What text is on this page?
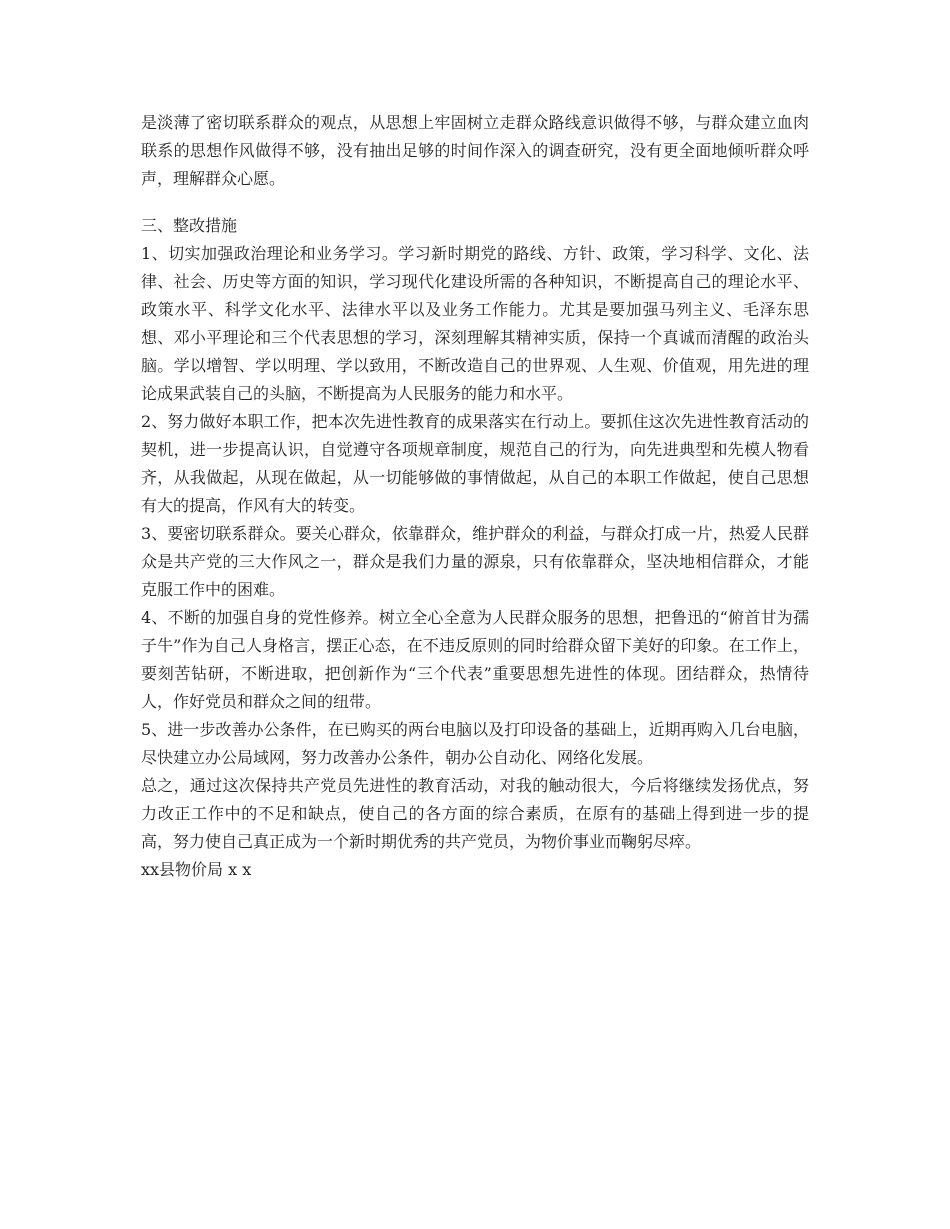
是淡薄了密切联系群众的观点，从思想上牢固树立走群众路线意识做得不够，与群众建立血肉联系的思想作风做得不够，没有抽出足够的时间作深入的调查研究，没有更全面地倾听群众呼声，理解群众心愿。

三、整改措施

1、切实加强政治理论和业务学习。学习新时期党的路线、方针、政策，学习科学、文化、法律、社会、历史等方面的知识，学习现代化建设所需的各种知识，不断提高自己的理论水平、政策水平、科学文化水平、法律水平以及业务工作能力。尤其是要加强马列主义、毛泽东思想、邓小平理论和三个代表思想的学习，深刻理解其精神实质，保持一个真诚而清醒的政治头脑。学以增智、学以明理、学以致用，不断改造自己的世界观、人生观、价值观，用先进的理论成果武装自己的头脑，不断提高为人民服务的能力和水平。

2、努力做好本职工作，把本次先进性教育的成果落实在行动上。要抓住这次先进性教育活动的契机，进一步提高认识，自觉遵守各项规章制度，规范自己的行为，向先进典型和先模人物看齐，从我做起，从现在做起，从一切能够做的事情做起，从自己的本职工作做起，使自己思想有大的提高，作风有大的转变。

3、要密切联系群众。要关心群众，依靠群众，维护群众的利益，与群众打成一片，热爱人民群众是共产党的三大作风之一，群众是我们力量的源泉，只有依靠群众，坚决地相信群众，才能克服工作中的困难。

4、不断的加强自身的党性修养。树立全心全意为人民群众服务的思想，把鲁迅的“俯首甘为孺子牛”作为自己人身格言，摆正心态，在不违反原则的同时给群众留下美好的印象。在工作上，要刻苦钻研，不断进取，把创新作为“三个代表”重要思想先进性的体现。团结群众，热情待人，作好党员和群众之间的纽带。

5、进一步改善办公条件，在已购买的两台电脑以及打印设备的基础上，近期再购入几台电脑，尽快建立办公局域网，努力改善办公条件，朝办公自动化、网络化发展。

总之，通过这次保持共产党员先进性的教育活动，对我的触动很大，今后将继续发扬优点，努力改正工作中的不足和缺点，使自己的各方面的综合素质，在原有的基础上得到进一步的提高，努力使自己真正成为一个新时期优秀的共产党员，为物价事业而鞠躬尽瘁。

xx县物价局 x x
